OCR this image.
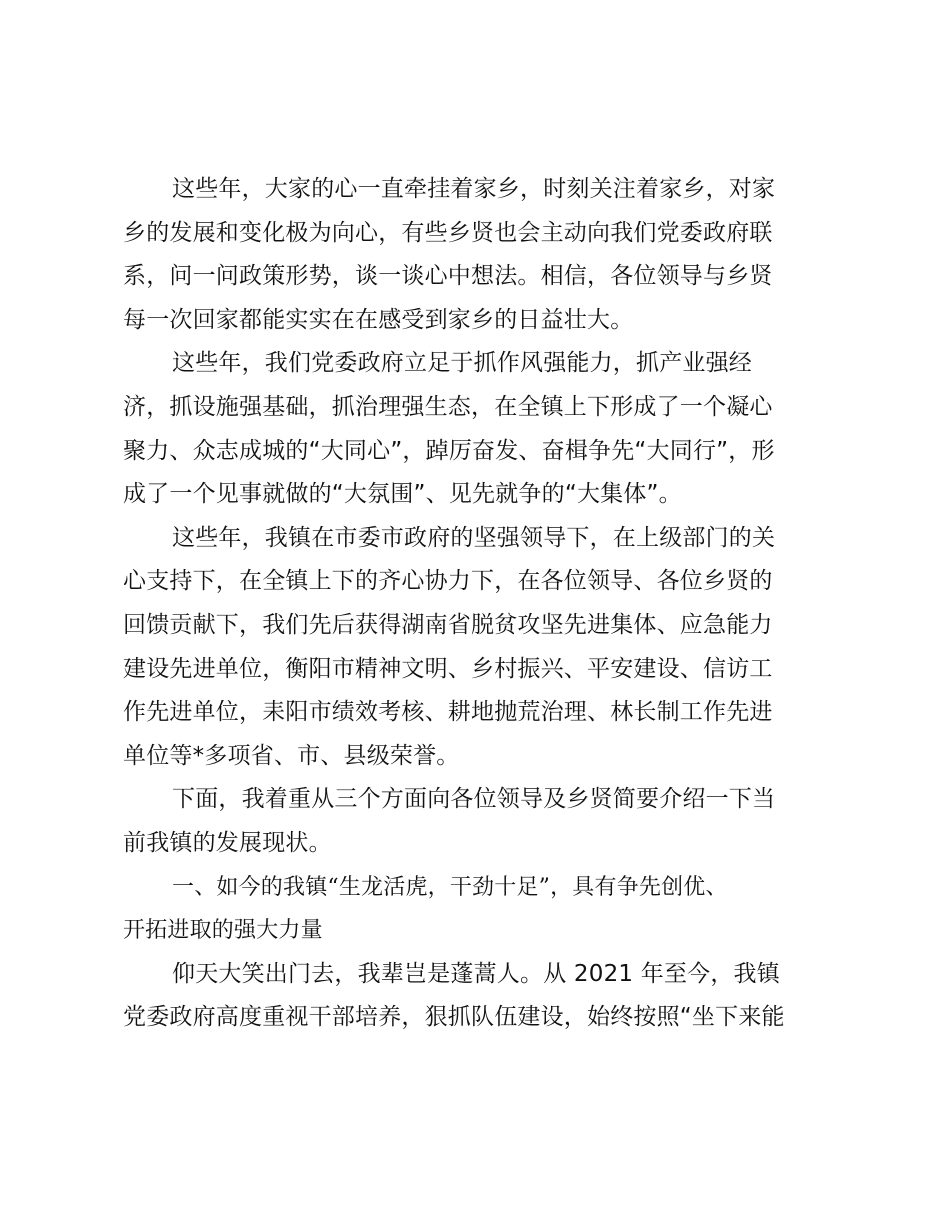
这些年，大家的心一直牵挂着家乡，时刻关注着家乡，对家
乡的发展和变化极为向心，有些乡贤也会主动向我们党委政府联
系，问一问政策形势，谈一谈心中想法。相信，各位领导与乡贤
每一次回家都能实实在在感受到家乡的日益壮大。
这些年，我们党委政府立足于抓作风强能力，抓产业强经
济，抓设施强基础，抓治理强生态，在全镇上下形成了一个凝心
聚力、众志成城的“大同心”，踔厉奋发、奋楫争先“大同行”，形
成了一个见事就做的“大氛围”、见先就争的“大集体”。
这些年，我镇在市委市政府的坚强领导下，在上级部门的关
心支持下，在全镇上下的齐心协力下，在各位领导、各位乡贤的
回馈贡献下，我们先后获得湖南省脱贫攻坚先进集体、应急能力
建设先进单位，衡阳市精神文明、乡村振兴、平安建设、信访工
作先进单位，耒阳市绩效考核、耕地抛荒治理、林长制工作先进
单位等*多项省、市、县级荣誉。
下面，我着重从三个方面向各位领导及乡贤简要介绍一下当
前我镇的发展现状。
一、如今的我镇“生龙活虎，干劲十足”，具有争先创优、
开拓进取的强大力量
仰天大笑出门去，我辈岂是蓬蒿人。从 2021 年至今，我镇
党委政府高度重视干部培养，狠抓队伍建设，始终按照“坐下来能
